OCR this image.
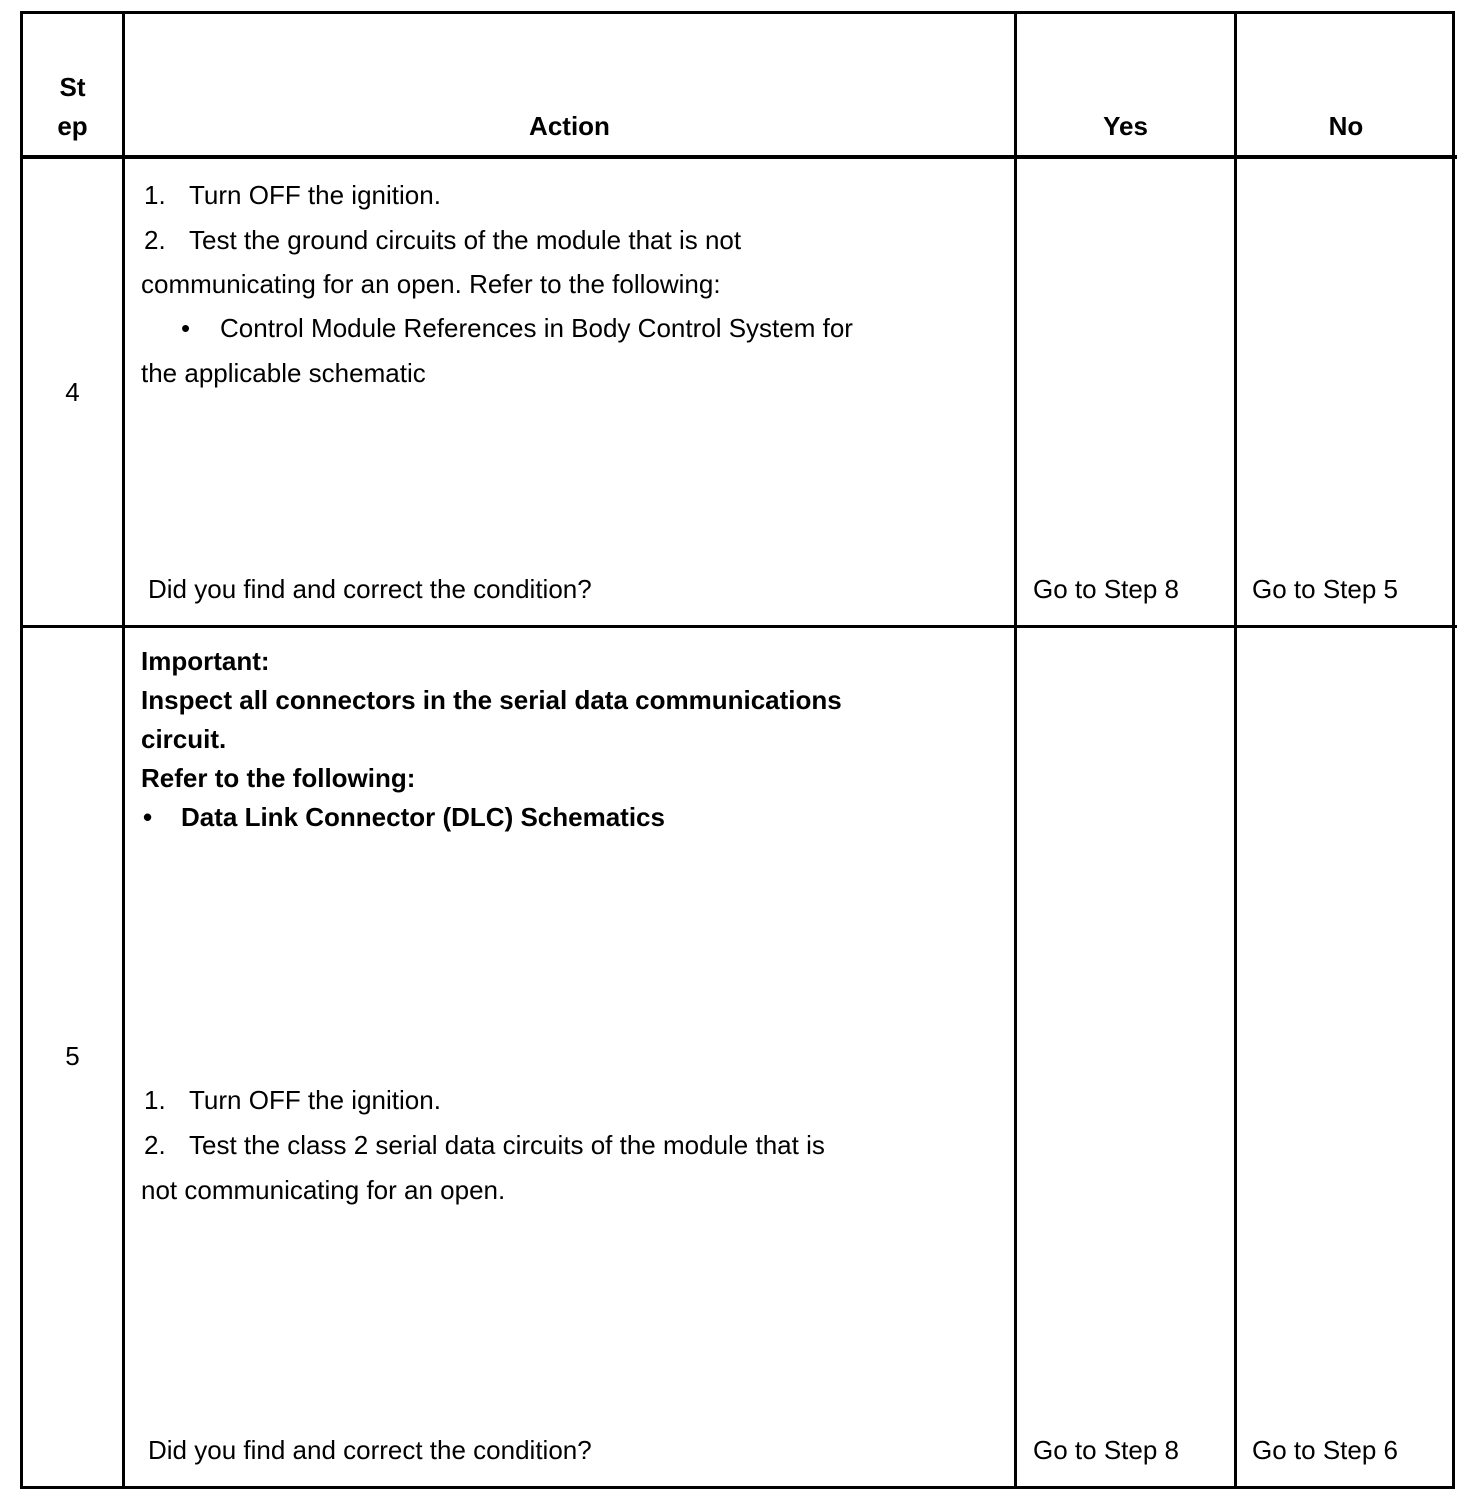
St
ep	Action	Yes	No
4
1. Turn OFF the ignition.
2. Test the ground circuits of the module that is not
communicating for an open. Refer to the following:
• Control Module References in Body Control System for
the applicable schematic
Did you find and correct the condition?	Go to Step 8	Go to Step 5
5
Important:
Inspect all connectors in the serial data communications
circuit.
Refer to the following:
• Data Link Connector (DLC) Schematics
1. Turn OFF the ignition.
2. Test the class 2 serial data circuits of the module that is
not communicating for an open.
Did you find and correct the condition?	Go to Step 8	Go to Step 6
